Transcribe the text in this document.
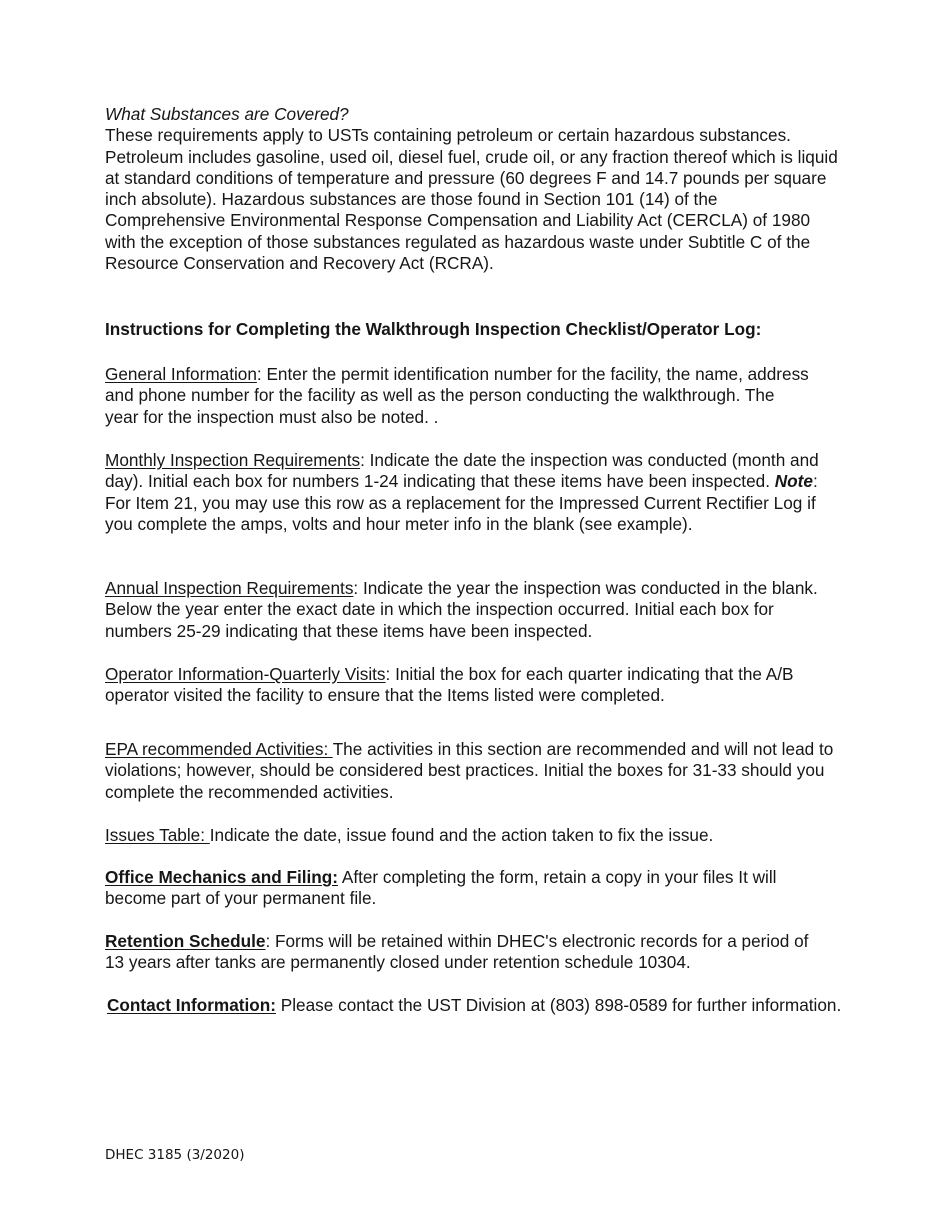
What Substances are Covered?

These requirements apply to USTs containing petroleum or certain hazardous substances. Petroleum includes gasoline, used oil, diesel fuel, crude oil, or any fraction thereof which is liquid at standard conditions of temperature and pressure (60 degrees F and 14.7 pounds per square inch absolute). Hazardous substances are those found in Section 101 (14) of the Comprehensive Environmental Response Compensation and Liability Act (CERCLA) of 1980 with the exception of those substances regulated as hazardous waste under Subtitle C of the Resource Conservation and Recovery Act (RCRA).

Instructions for Completing the Walkthrough Inspection Checklist/Operator Log:

General Information: Enter the permit identification number for the facility, the name, address and phone number for the facility as well as the person conducting the walkthrough. The year for the inspection must also be noted. .

Monthly Inspection Requirements: Indicate the date the inspection was conducted (month and day). Initial each box for numbers 1-24 indicating that these items have been inspected. Note: For Item 21, you may use this row as a replacement for the Impressed Current Rectifier Log if you complete the amps, volts and hour meter info in the blank (see example).

Annual Inspection Requirements: Indicate the year the inspection was conducted in the blank. Below the year enter the exact date in which the inspection occurred. Initial each box for numbers 25-29 indicating that these items have been inspected.

Operator Information-Quarterly Visits: Initial the box for each quarter indicating that the A/B operator visited the facility to ensure that the Items listed were completed.

EPA recommended Activities: The activities in this section are recommended and will not lead to violations; however, should be considered best practices. Initial the boxes for 31-33 should you complete the recommended activities.

Issues Table: Indicate the date, issue found and the action taken to fix the issue.

Office Mechanics and Filing: After completing the form, retain a copy in your files It will become part of your permanent file.

Retention Schedule: Forms will be retained within DHEC's electronic records for a period of 13 years after tanks are permanently closed under retention schedule 10304.

Contact Information: Please contact the UST Division at (803) 898-0589 for further information.

DHEC 3185 (3/2020)
